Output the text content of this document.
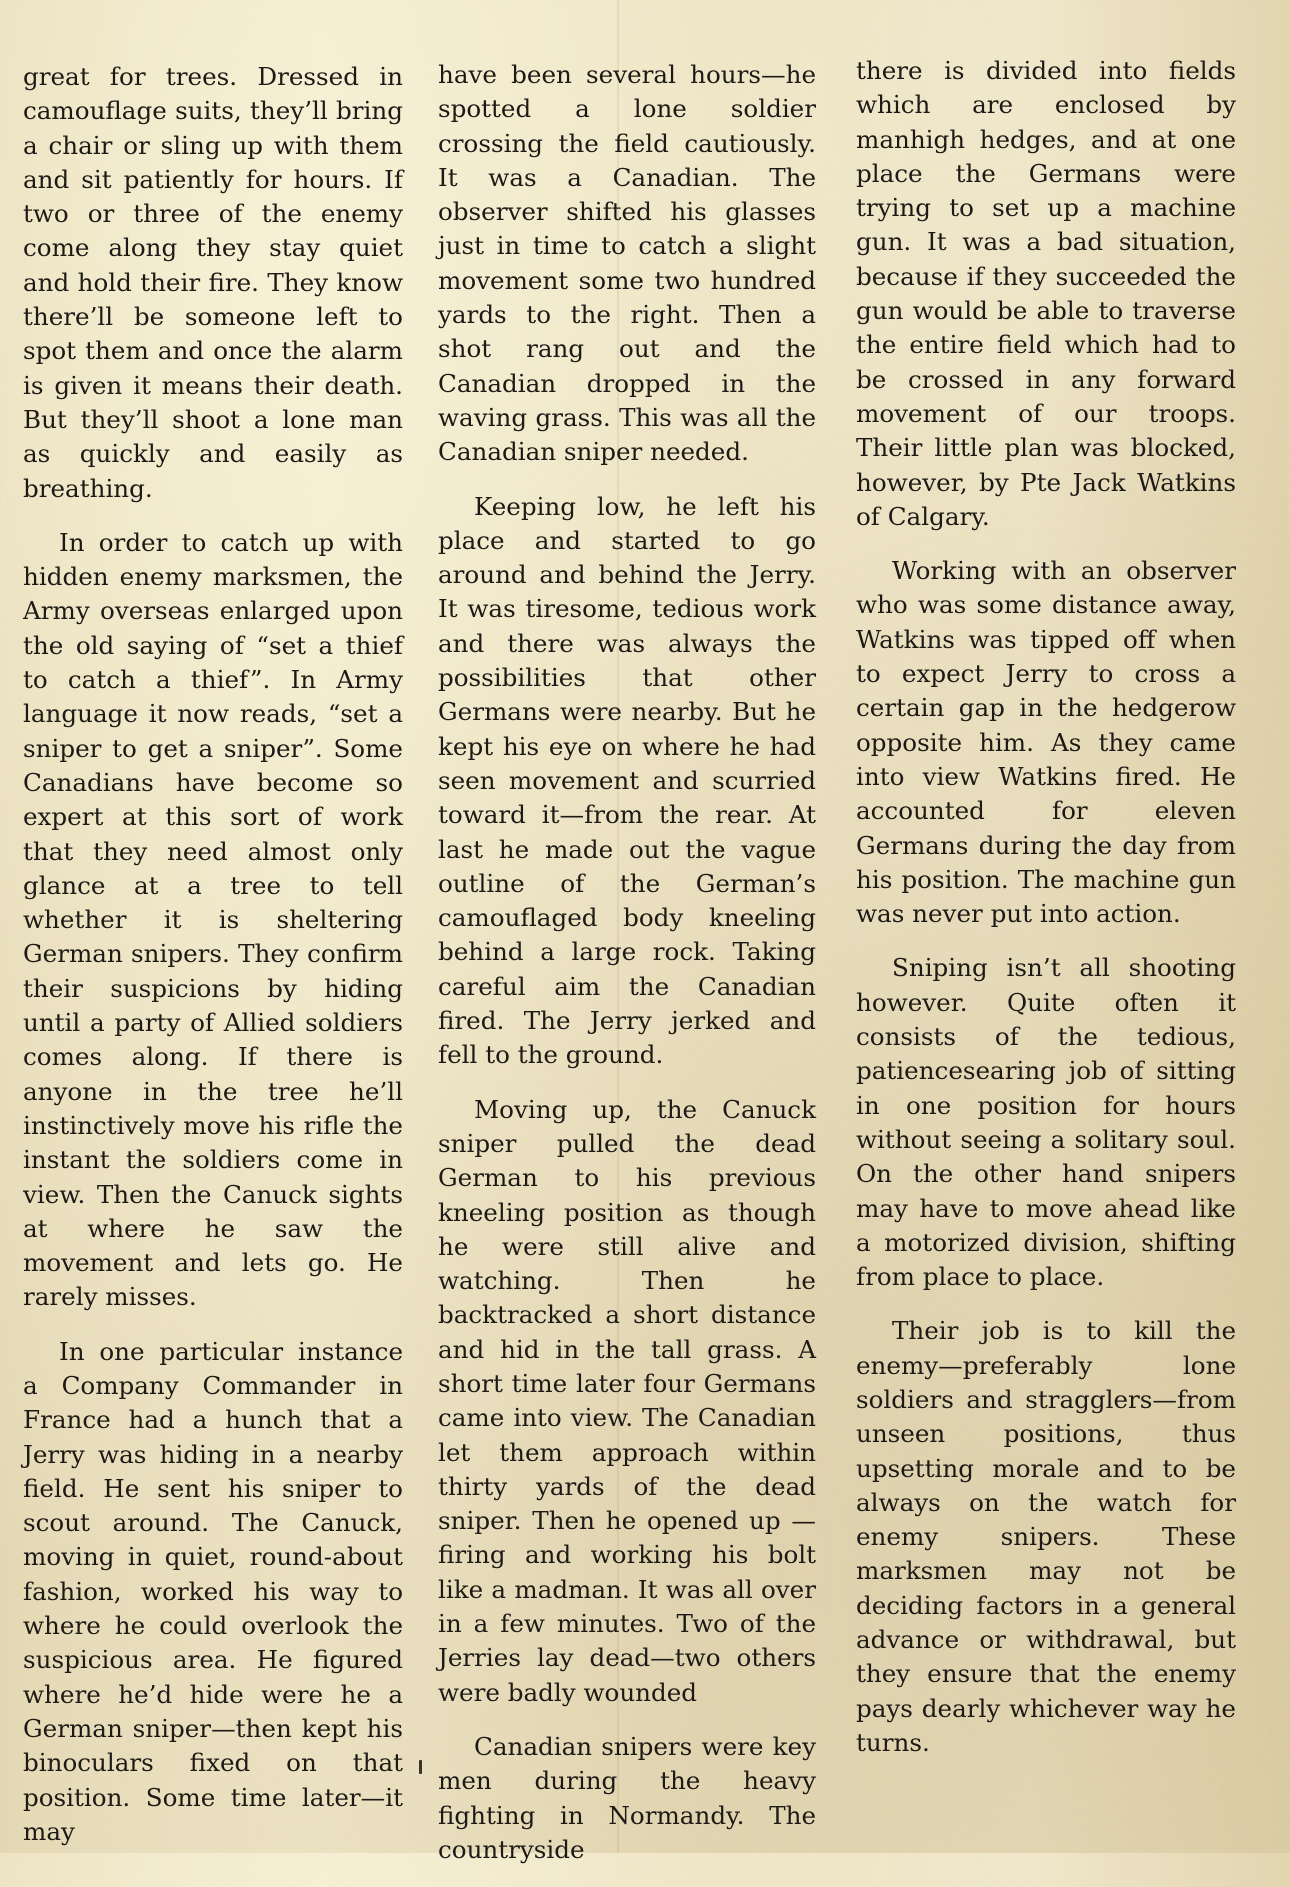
great for trees. Dressed in camouflage suits, they’ll bring a chair or sling up with them and sit patiently for hours. If two or three of the enemy come along they stay quiet and hold their fire. They know there’ll be someone left to spot them and once the alarm is given it means their death. But they’ll shoot a lone man as quickly and easily as breathing.

In order to catch up with hidden enemy marksmen, the Army overseas enlarged upon the old saying of “set a thief to catch a thief”. In Army language it now reads, “set a sniper to get a sniper”. Some Canadians have become so expert at this sort of work that they need almost only glance at a tree to tell whether it is sheltering German snipers. They confirm their suspicions by hiding until a party of Allied soldiers comes along. If there is anyone in the tree he’ll instinctively move his rifle the instant the soldiers come in view. Then the Canuck sights at where he saw the movement and lets go. He rarely misses.

In one particular instance a Company Commander in France had a hunch that a Jerry was hiding in a nearby field. He sent his sniper to scout around. The Canuck, moving in quiet, round-about fashion, worked his way to where he could overlook the suspicious area. He figured where he’d hide were he a German sniper—then kept his binoculars fixed on that position. Some time later—it may

have been several hours—he spotted a lone soldier crossing the field cautiously. It was a Canadian. The observer shifted his glasses just in time to catch a slight movement some two hundred yards to the right. Then a shot rang out and the Canadian dropped in the waving grass. This was all the Canadian sniper needed.

Keeping low, he left his place and started to go around and behind the Jerry. It was tiresome, tedious work and there was always the possibilities that other Germans were nearby. But he kept his eye on where he had seen movement and scurried toward it—from the rear. At last he made out the vague outline of the German’s camouflaged body kneeling behind a large rock. Taking careful aim the Canadian fired. The Jerry jerked and fell to the ground.

Moving up, the Canuck sniper pulled the dead German to his previous kneeling position as though he were still alive and watching. Then he backtracked a short distance and hid in the tall grass. A short time later four Germans came into view. The Canadian let them approach within thirty yards of the dead sniper. Then he opened up — firing and working his bolt like a madman. It was all over in a few minutes. Two of the Jerries lay dead—two others were badly wounded

Canadian snipers were key men during the heavy fighting in Normandy. The countryside

there is divided into fields which are enclosed by manhigh hedges, and at one place the Germans were trying to set up a machine gun. It was a bad situation, because if they succeeded the gun would be able to traverse the entire field which had to be crossed in any forward movement of our troops. Their little plan was blocked, however, by Pte Jack Watkins of Calgary.

Working with an observer who was some distance away, Watkins was tipped off when to expect Jerry to cross a certain gap in the hedgerow opposite him. As they came into view Watkins fired. He accounted for eleven Germans during the day from his position. The machine gun was never put into action.

Sniping isn’t all shooting however. Quite often it consists of the tedious, patiencesearing job of sitting in one position for hours without seeing a solitary soul. On the other hand snipers may have to move ahead like a motorized division, shifting from place to place.

Their job is to kill the enemy—preferably lone soldiers and stragglers—from unseen positions, thus upsetting morale and to be always on the watch for enemy snipers. These marksmen may not be deciding factors in a general advance or withdrawal, but they ensure that the enemy pays dearly whichever way he turns.
